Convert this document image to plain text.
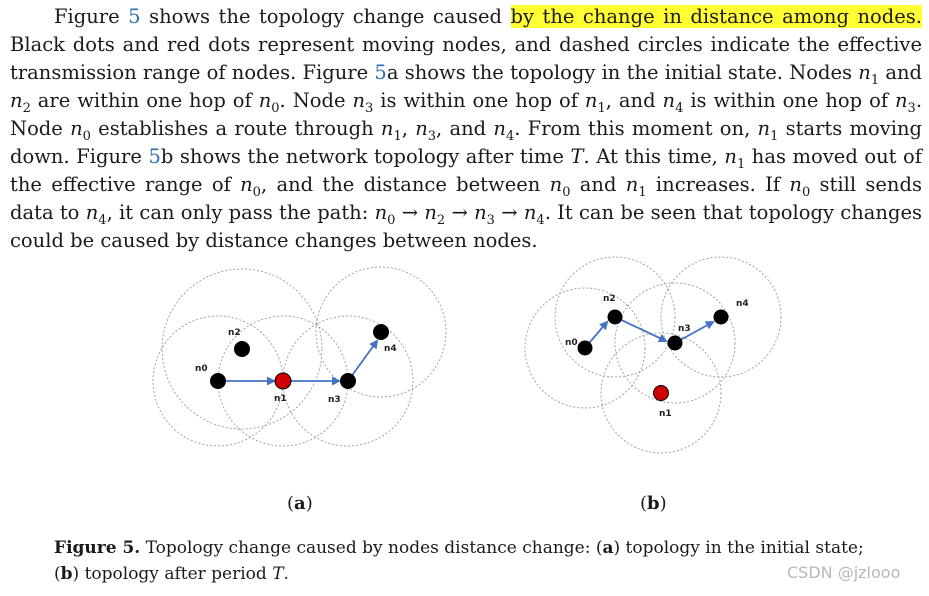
Figure 5 shows the topology change caused by the change in distance among nodes. Black dots and red dots represent moving nodes, and dashed circles indicate the effective transmission range of nodes. Figure 5a shows the topology in the initial state. Nodes $n_1$ and $n_2$ are within one hop of $n_0$. Node $n_3$ is within one hop of $n_1$, and $n_4$ is within one hop of $n_3$. Node $n_0$ establishes a route through $n_1$, $n_3$, and $n_4$. From this moment on, $n_1$ starts moving down. Figure 5b shows the network topology after time T. At this time, $n_1$ has moved out of the effective range of $n_0$, and the distance between $n_0$ and $n_1$ increases. If $n_0$ still sends data to $n_4$, it can only pass the path: $n_0 \to n_2 \to n_3 \to n_4$. It can be seen that topology changes could be caused by distance changes between nodes.

n2
n0
n1	n3
n4
n0
n2
n3
n4
n1
(a)	(b)

Figure 5. Topology change caused by nodes distance change: (a) topology in the initial state; (b) topology after period T.	CSDN @jzlooo
